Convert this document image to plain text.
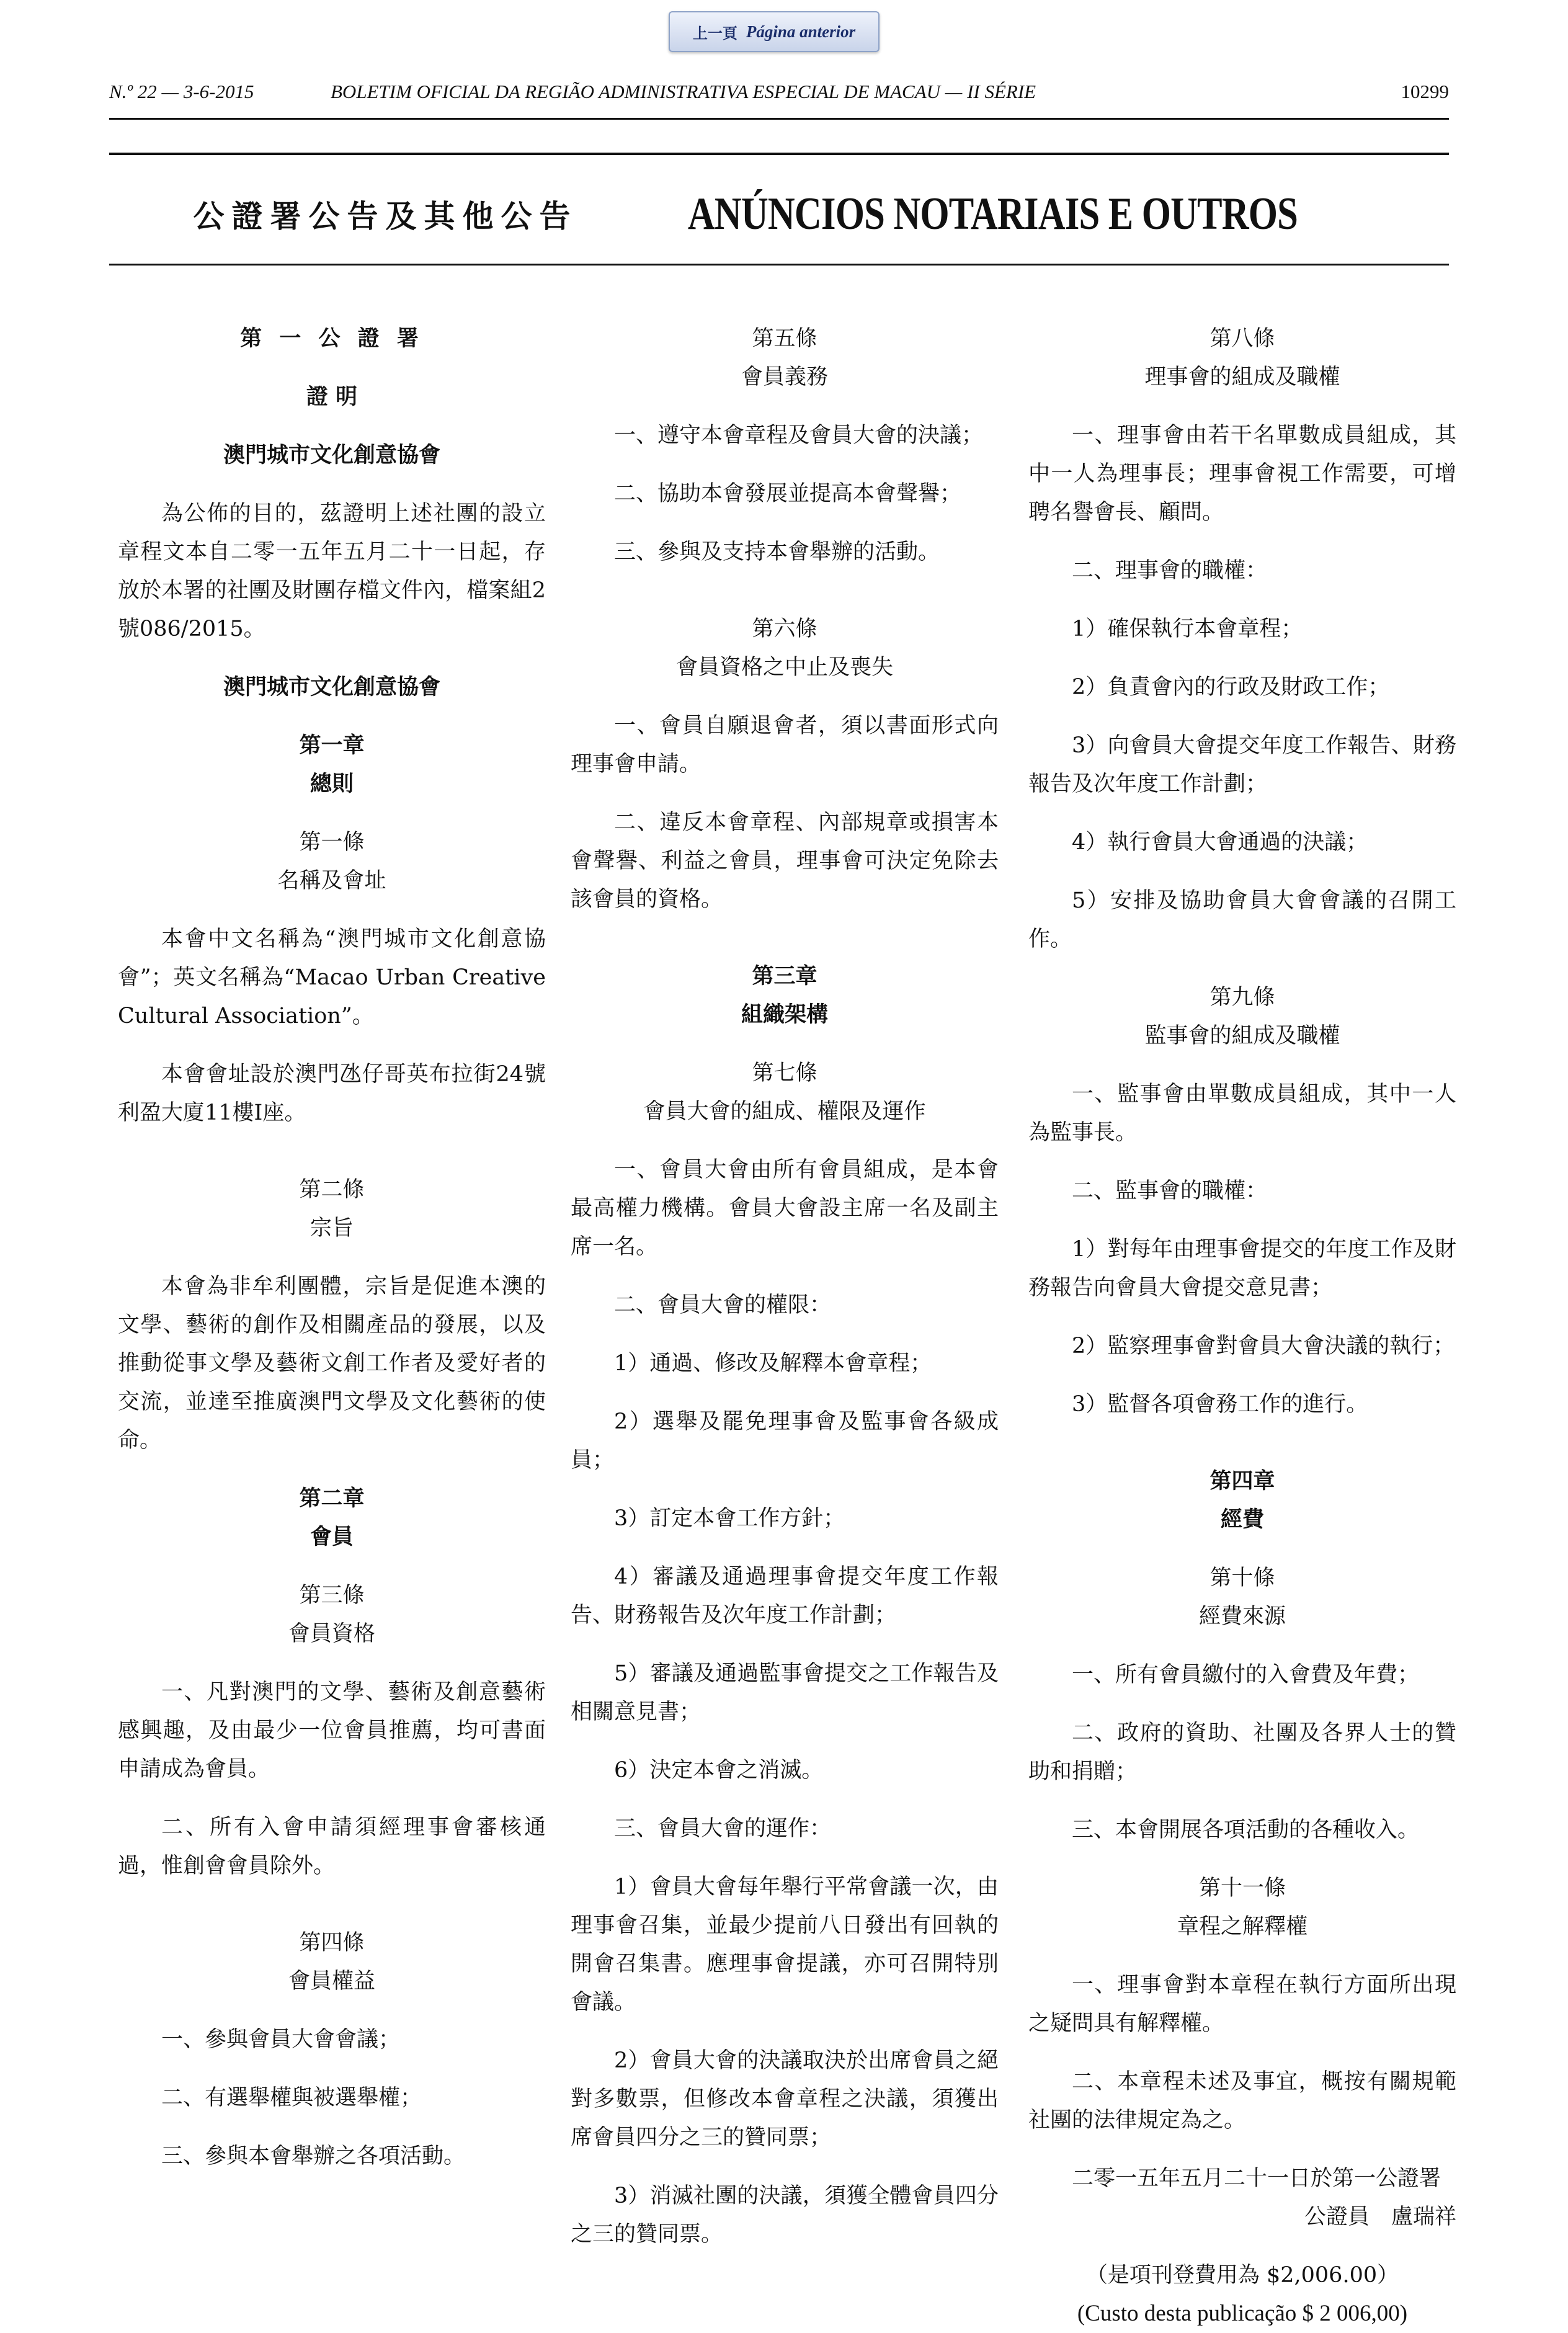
上一頁 Página anterior
N.º 22 — 3-6-2015	BOLETIM OFICIAL DA REGIÃO ADMINISTRATIVA ESPECIAL DE MACAU — II SÉRIE	10299
公證署公告及其他公告 ANÚNCIOS NOTARIAIS E OUTROS

第 一 公 證 署

證 明

澳門城市文化創意協會

為公佈的目的，茲證明上述社團的設立章程文本自二零一五年五月二十一日起，存放於本署的社團及財團存檔文件內，檔案組2號086/2015。

澳門城市文化創意協會

第一章

總則

第一條

名稱及會址

本會中文名稱為“澳門城市文化創意協會”；英文名稱為“Macao Urban Creative Cultural Association”。

本會會址設於澳門氹仔哥英布拉街24號利盈大廈11樓I座。

第二條

宗旨

本會為非牟利團體，宗旨是促進本澳的文學、藝術的創作及相關產品的發展，以及推動從事文學及藝術文創工作者及愛好者的交流，並達至推廣澳門文學及文化藝術的使命。

第二章

會員

第三條

會員資格

一、凡對澳門的文學、藝術及創意藝術感興趣，及由最少一位會員推薦，均可書面申請成為會員。

二、所有入會申請須經理事會審核通過，惟創會會員除外。

第四條

會員權益

一、參與會員大會會議；

二、有選舉權與被選舉權；

三、參與本會舉辦之各項活動。

第五條

會員義務

一、遵守本會章程及會員大會的決議；

二、協助本會發展並提高本會聲譽；

三、參與及支持本會舉辦的活動。

第六條

會員資格之中止及喪失

一、會員自願退會者，須以書面形式向理事會申請。

二、違反本會章程、內部規章或損害本會聲譽、利益之會員，理事會可決定免除去該會員的資格。

第三章

組織架構

第七條

會員大會的組成、權限及運作

一、會員大會由所有會員組成，是本會最高權力機構。會員大會設主席一名及副主席一名。

二、會員大會的權限：

1）通過、修改及解釋本會章程；

2）選舉及罷免理事會及監事會各級成員；

3）訂定本會工作方針；

4）審議及通過理事會提交年度工作報告、財務報告及次年度工作計劃；

5）審議及通過監事會提交之工作報告及相關意見書；

6）決定本會之消滅。

三、會員大會的運作：

1）會員大會每年舉行平常會議一次，由理事會召集，並最少提前八日發出有回執的開會召集書。應理事會提議，亦可召開特別會議。

2）會員大會的決議取決於出席會員之絕對多數票，但修改本會章程之決議，須獲出席會員四分之三的贊同票；

3）消滅社團的決議，須獲全體會員四分之三的贊同票。

第八條

理事會的組成及職權

一、理事會由若干名單數成員組成，其中一人為理事長；理事會視工作需要，可增聘名譽會長、顧問。

二、理事會的職權：

1）確保執行本會章程；

2）負責會內的行政及財政工作；

3）向會員大會提交年度工作報告、財務報告及次年度工作計劃；

4）執行會員大會通過的決議；

5）安排及協助會員大會會議的召開工作。

第九條

監事會的組成及職權

一、監事會由單數成員組成，其中一人為監事長。

二、監事會的職權：

1）對每年由理事會提交的年度工作及財務報告向會員大會提交意見書；

2）監察理事會對會員大會決議的執行；

3）監督各項會務工作的進行。

第四章

經費

第十條

經費來源

一、所有會員繳付的入會費及年費；

二、政府的資助、社團及各界人士的贊助和捐贈；

三、本會開展各項活動的各種收入。

第十一條

章程之解釋權

一、理事會對本章程在執行方面所出現之疑問具有解釋權。

二、本章程未述及事宜，概按有關規範社團的法律規定為之。

二零一五年五月二十一日於第一公證署

公證員　盧瑞祥

（是項刊登費用為 $2,006.00）

(Custo desta publicação $ 2 006,00)
